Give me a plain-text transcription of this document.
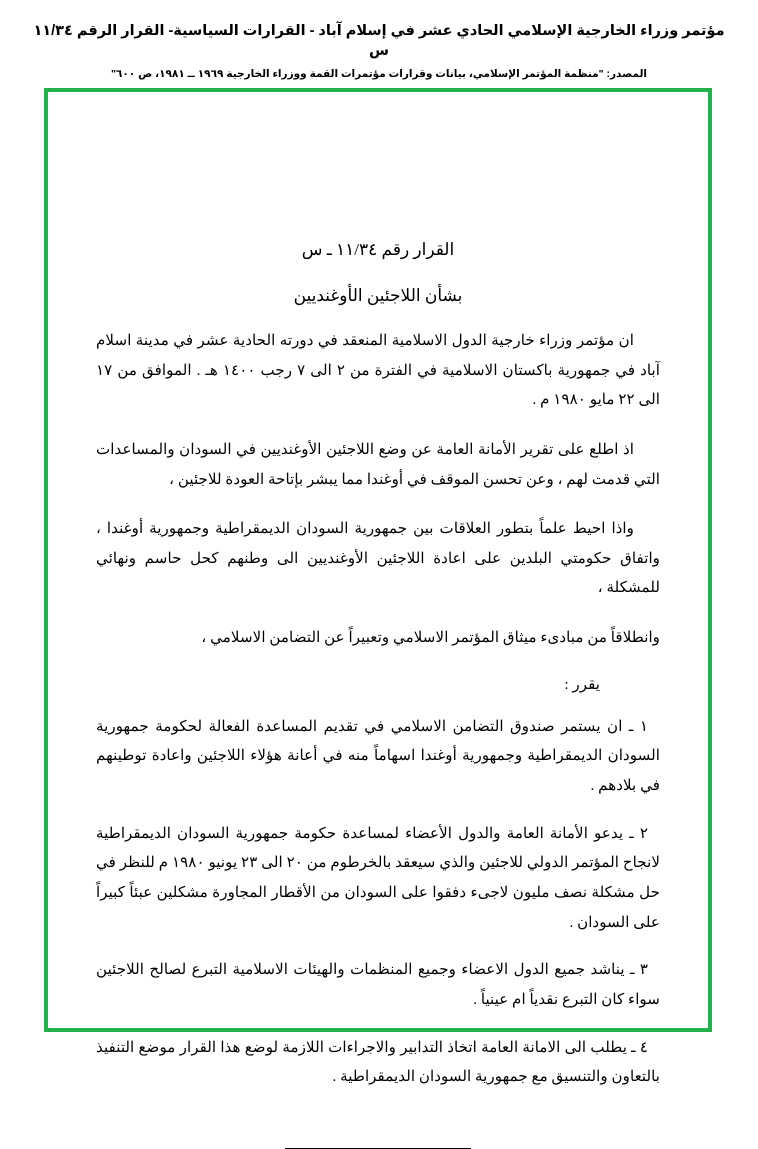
مؤتمر وزراء الخارجية الإسلامي الحادي عشر في إسلام آباد - القرارات السياسية- القرار الرقم ١١/٣٤ س
المصدر: "منظمة المؤتمر الإسلامي، بيانات وقرارات مؤتمرات القمة ووزراء الخارجية ١٩٦٩ ــ ١٩٨١، ص ٦٠٠"
القرار رقم ١١/٣٤ ـ س
بشأن اللاجئين الأوغنديين
ان مؤتمر وزراء خارجية الدول الاسلامية المنعقد في دورته الحادية عشر في مدينة اسلام آباد في جمهورية باكستان الاسلامية في الفترة من ٢ الى ٧ رجب ١٤٠٠ هـ . الموافق من ١٧ الى ٢٢ مايو ١٩٨٠ م .
اذ اطلع على تقرير الأمانة العامة عن وضع اللاجئين الأوغنديين في السودان والمساعدات التي قدمت لهم ، وعن تحسن الموقف في أوغندا مما يبشر بإتاحة العودة للاجئين ،
واذا احيط علماً بتطور العلاقات بين جمهورية السودان الديمقراطية وجمهورية أوغندا ، واتفاق حكومتي البلدين على اعادة اللاجئين الأوغنديين الى وطنهم كحل حاسم ونهائي للمشكلة ،
وانطلاقاً من مبادىء ميثاق المؤتمر الاسلامي وتعبيراً عن التضامن الاسلامي ،
يقرر :
١ ـ ان يستمر صندوق التضامن الاسلامي في تقديم المساعدة الفعالة لحكومة جمهورية السودان الديمقراطية وجمهورية أوغندا اسهاماً منه في أعانة هؤلاء اللاجئين واعادة توطينهم في بلادهم .
٢ ـ يدعو الأمانة العامة والدول الأعضاء لمساعدة حكومة جمهورية السودان الديمقراطية لانجاح المؤتمر الدولي للاجئين والذي سيعقد بالخرطوم من ٢٠ الى ٢٣ يونيو ١٩٨٠ م للنظر في حل مشكلة نصف مليون لاجىء دفقوا على السودان من الأقطار المجاورة مشكلين عبئاً كبيراً على السودان .
٣ ـ يناشد جميع الدول الاعضاء وجميع المنظمات والهيئات الاسلامية التبرع لصالح اللاجئين سواء كان التبرع نقدياً ام عينياً .
٤ ـ يطلب الى الامانة العامة اتخاذ التدابير والاجراءات اللازمة لوضع هذا القرار موضع التنفيذ بالتعاون والتنسيق مع جمهورية السودان الديمقراطية .
